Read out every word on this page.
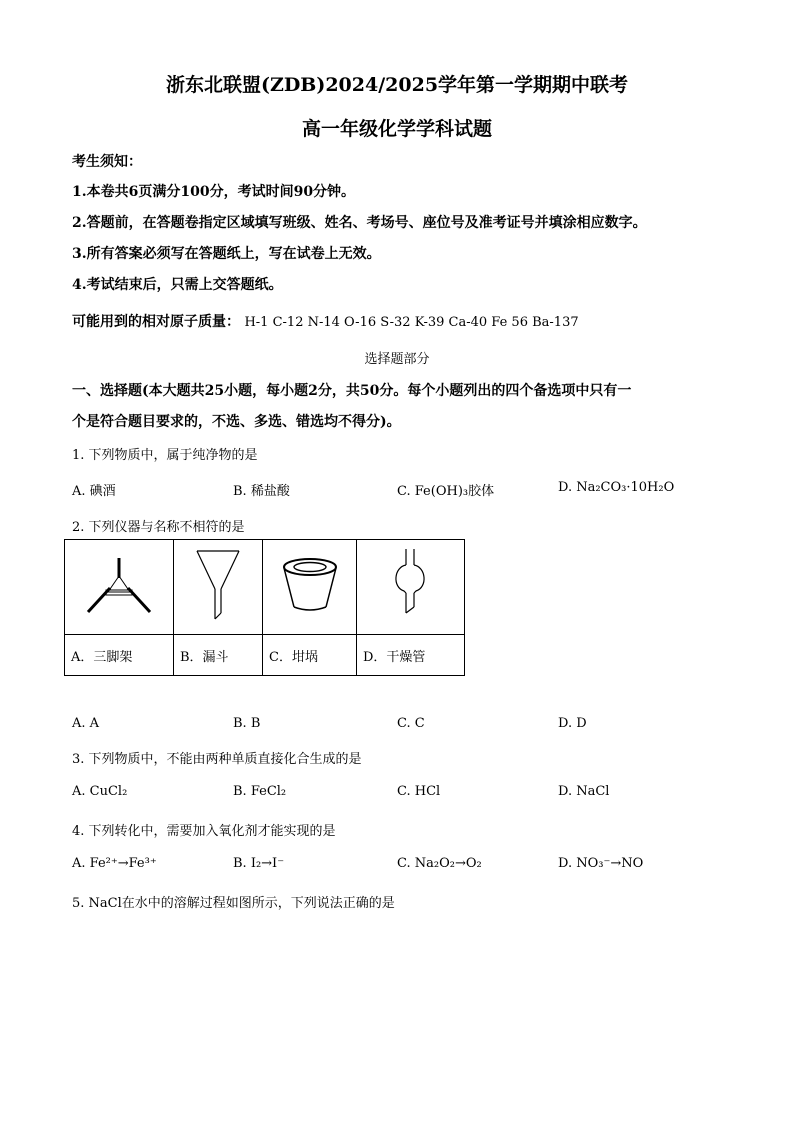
浙东北联盟(ZDB)2024/2025学年第一学期期中联考
高一年级化学学科试题
考生须知：
1.本卷共6页满分100分，考试时间90分钟。
2.答题前，在答题卷指定区域填写班级、姓名、考场号、座位号及准考证号并填涂相应数字。
3.所有答案必须写在答题纸上，写在试卷上无效。
4.考试结束后，只需上交答题纸。
可能用到的相对原子质量： H-1 C-12 N-14 O-16 S-32 K-39 Ca-40 Fe 56 Ba-137
选择题部分
一、选择题(本大题共25小题，每小题2分，共50分。每个小题列出的四个备选项中只有一
个是符合题目要求的，不选、多选、错选均不得分)。
1. 下列物质中，属于纯净物的是
A. 碘酒	B. 稀盐酸	C. Fe(OH)₃胶体	D. Na₂CO₃·10H₂O
2. 下列仪器与名称不相符的是

A．三脚架	B．漏斗	C．坩埚	D．干燥管
A. A	B. B	C. C	D. D
3. 下列物质中，不能由两种单质直接化合生成的是
A. CuCl₂	B. FeCl₂	C. HCl	D. NaCl
4. 下列转化中，需要加入氧化剂才能实现的是
A. Fe²⁺→Fe³⁺	B. I₂→I⁻	C. Na₂O₂→O₂	D. NO₃⁻→NO
5. NaCl在水中的溶解过程如图所示，下列说法正确的是
